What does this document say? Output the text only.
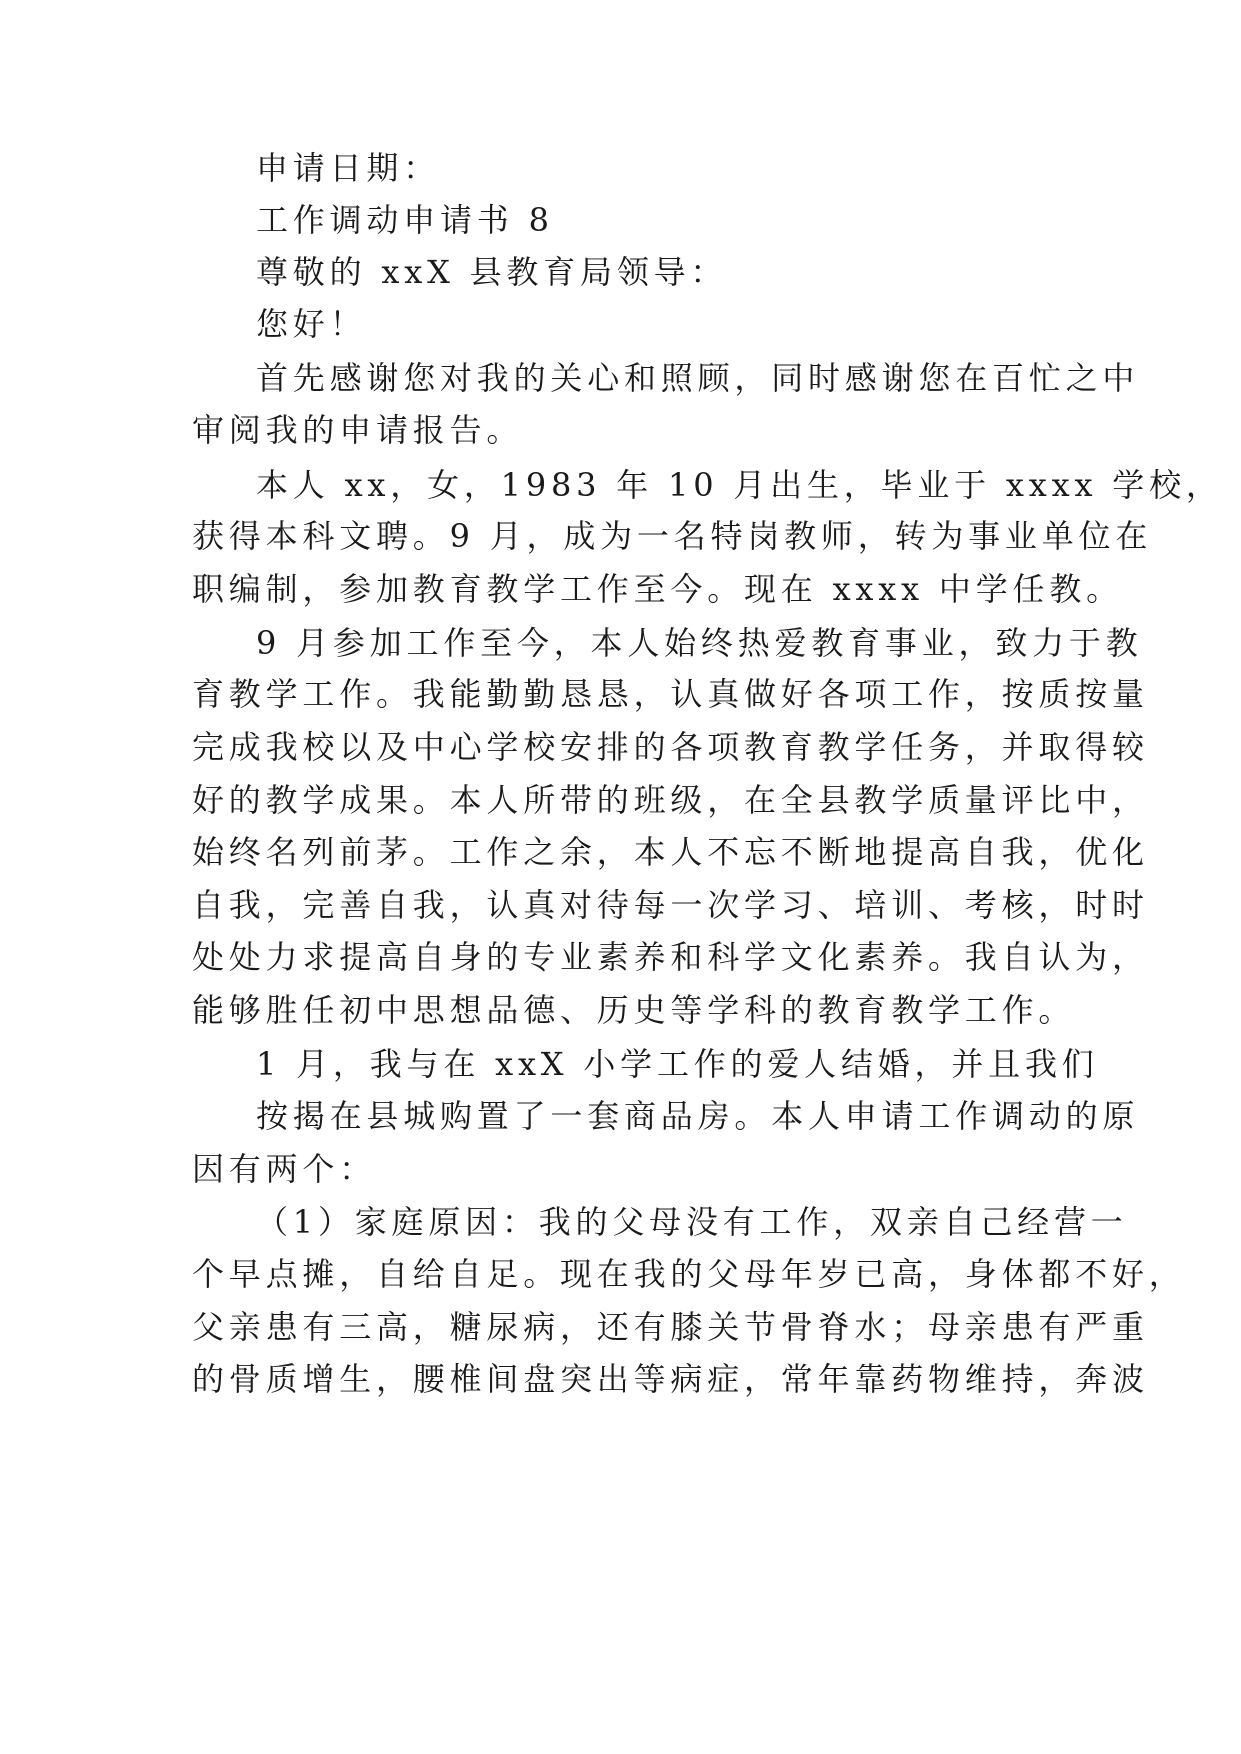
申请日期：
工作调动申请书 8
尊敬的 xxX 县教育局领导：
您好！
首先感谢您对我的关心和照顾，同时感谢您在百忙之中
审阅我的申请报告。
本人 xx，女，1983 年 10 月出生，毕业于 xxxx 学校，
获得本科文聘。9 月，成为一名特岗教师，转为事业单位在
职编制，参加教育教学工作至今。现在 xxxx 中学任教。
9 月参加工作至今，本人始终热爱教育事业，致力于教
育教学工作。我能勤勤恳恳，认真做好各项工作，按质按量
完成我校以及中心学校安排的各项教育教学任务，并取得较
好的教学成果。本人所带的班级，在全县教学质量评比中，
始终名列前茅。工作之余，本人不忘不断地提高自我，优化
自我，完善自我，认真对待每一次学习、培训、考核，时时
处处力求提高自身的专业素养和科学文化素养。我自认为，
能够胜任初中思想品德、历史等学科的教育教学工作。
1 月，我与在 xxX 小学工作的爱人结婚，并且我们
按揭在县城购置了一套商品房。本人申请工作调动的原
因有两个：
（1）家庭原因：我的父母没有工作，双亲自己经营一
个早点摊，自给自足。现在我的父母年岁已高，身体都不好，
父亲患有三高，糖尿病，还有膝关节骨脊水；母亲患有严重
的骨质增生，腰椎间盘突出等病症，常年靠药物维持，奔波
